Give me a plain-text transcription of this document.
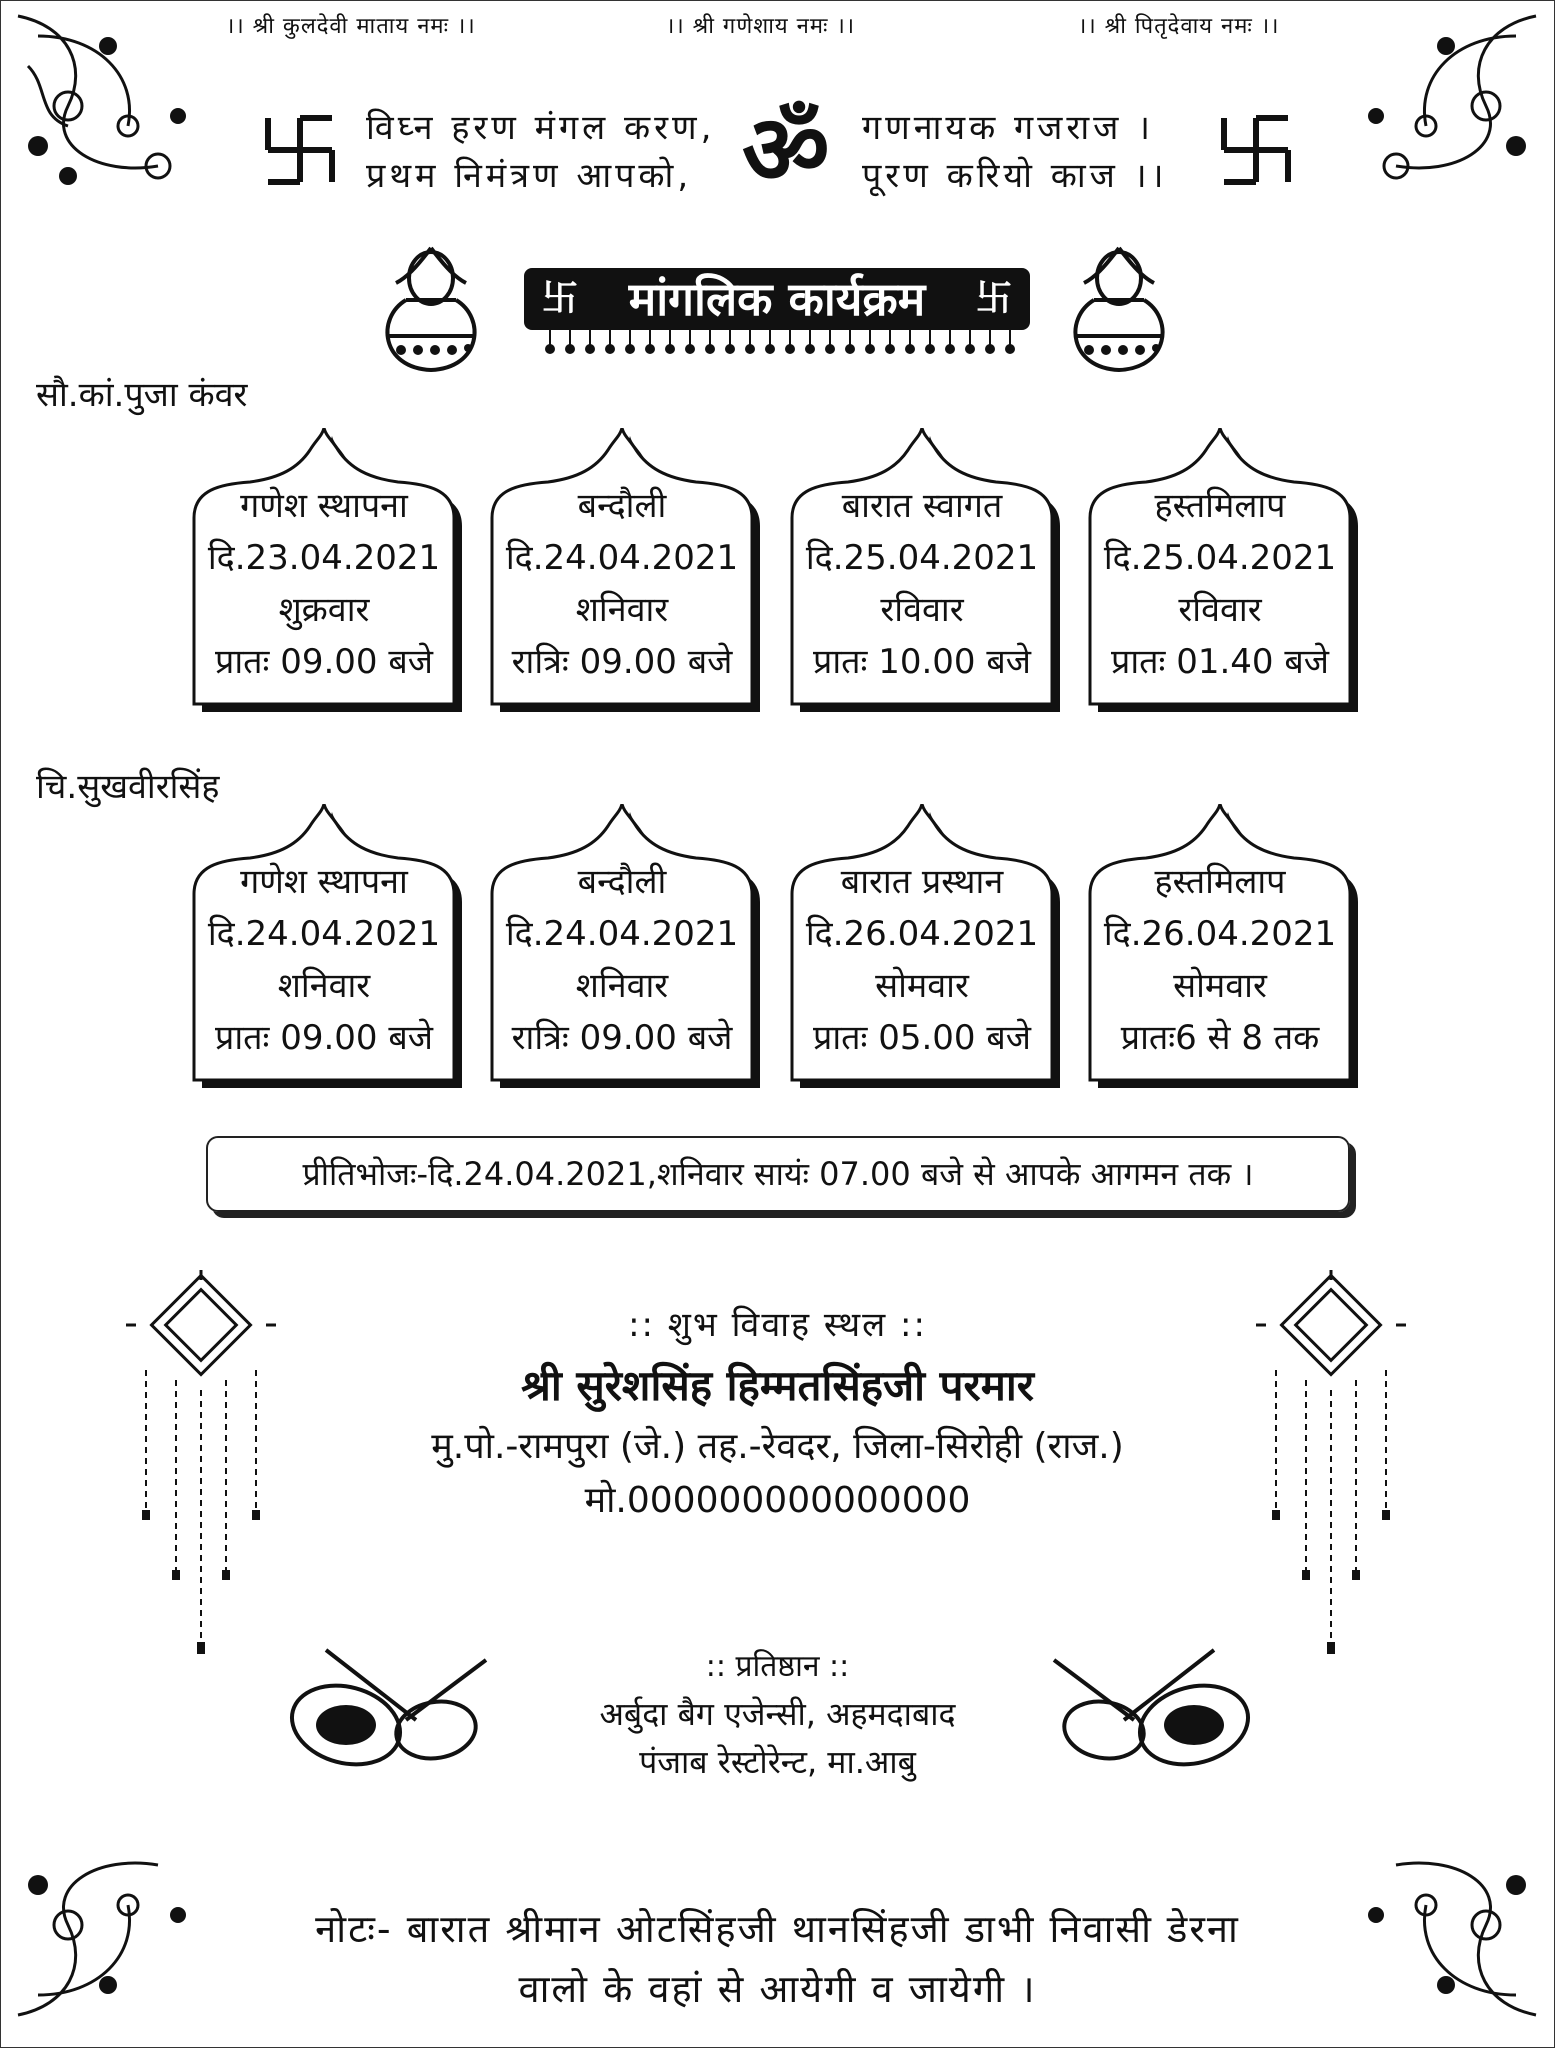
।। श्री कुलदेवी माताय नमः ।।	।। श्री गणेशाय नमः ।।	।। श्री पितृदेवाय नमः ।।
विघ्न हरण मंगल करण,
प्रथम निमंत्रण आपको, ॐ गणनायक गजराज ।
पूरण करियो काज ।।
卐 मांगलिक कार्यक्रम 卐
सौ.कां.पुजा कंवर
गणेश स्थापना
दि.23.04.2021
शुक्रवार
प्रातः 09.00 बजे
बन्दौली
दि.24.04.2021
शनिवार
रात्रिः 09.00 बजे
बारात स्वागत
दि.25.04.2021
रविवार
प्रातः 10.00 बजे
हस्तमिलाप
दि.25.04.2021
रविवार
प्रातः 01.40 बजे
चि.सुखवीरसिंह
गणेश स्थापना
दि.24.04.2021
शनिवार
प्रातः 09.00 बजे
बन्दौली
दि.24.04.2021
शनिवार
रात्रिः 09.00 बजे
बारात प्रस्थान
दि.26.04.2021
सोमवार
प्रातः 05.00 बजे
हस्तमिलाप
दि.26.04.2021
सोमवार
प्रातः6 से 8 तक
प्रीतिभोजः-दि.24.04.2021,शनिवार सायंः 07.00 बजे से आपके आगमन तक ।
:: शुभ विवाह स्थल ::
श्री सुरेशसिंह हिम्मतसिंहजी परमार
मु.पो.-रामपुरा (जे.) तह.-रेवदर, जिला-सिरोही (राज.)
मो.000000000000000
:: प्रतिष्ठान ::
अर्बुदा बैग एजेन्सी, अहमदाबाद
पंजाब रेस्टोरेन्ट, मा.आबु
नोटः- बारात श्रीमान ओटसिंहजी थानसिंहजी डाभी निवासी डेरना
वालो के वहां से आयेगी व जायेगी ।
